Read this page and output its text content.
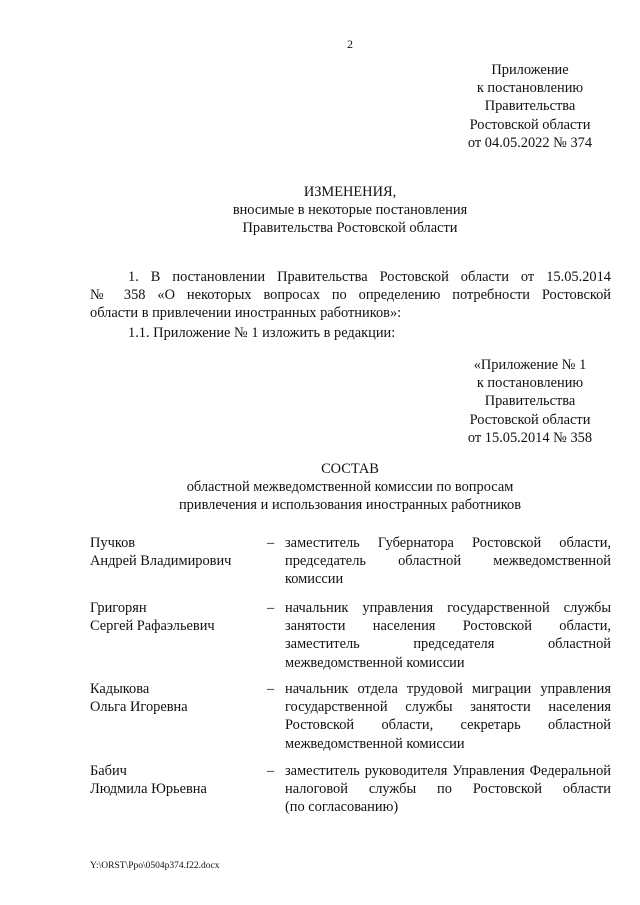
2
Приложение
к постановлению
Правительства
Ростовской области
от 04.05.2022 № 374
ИЗМЕНЕНИЯ,
вносимые в некоторые постановления
Правительства Ростовской области
1. В постановлении Правительства Ростовской области от 15.05.2014
№ 358 «О некоторых вопросах по определению потребности Ростовской
области в привлечении иностранных работников»:
1.1. Приложение № 1 изложить в редакции:
«Приложение № 1
к постановлению
Правительства
Ростовской области
от 15.05.2014 № 358
СОСТАВ
областной межведомственной комиссии по вопросам
привлечения и использования иностранных работников
Пучков
Андрей Владимирович
– заместитель Губернатора Ростовской области,
председатель областной межведомственной
комиссии
Григорян
Сергей Рафаэльевич
– начальник управления государственной службы
занятости населения Ростовской области,
заместитель председателя областной
межведомственной комиссии
Кадыкова
Ольга Игоревна
– начальник отдела трудовой миграции управления
государственной службы занятости населения
Ростовской области, секретарь областной
межведомственной комиссии
Бабич
Людмила Юрьевна
– заместитель руководителя Управления Федеральной
налоговой службы по Ростовской области
(по согласованию)
Y:\ORST\Ppo\0504p374.f22.docx
